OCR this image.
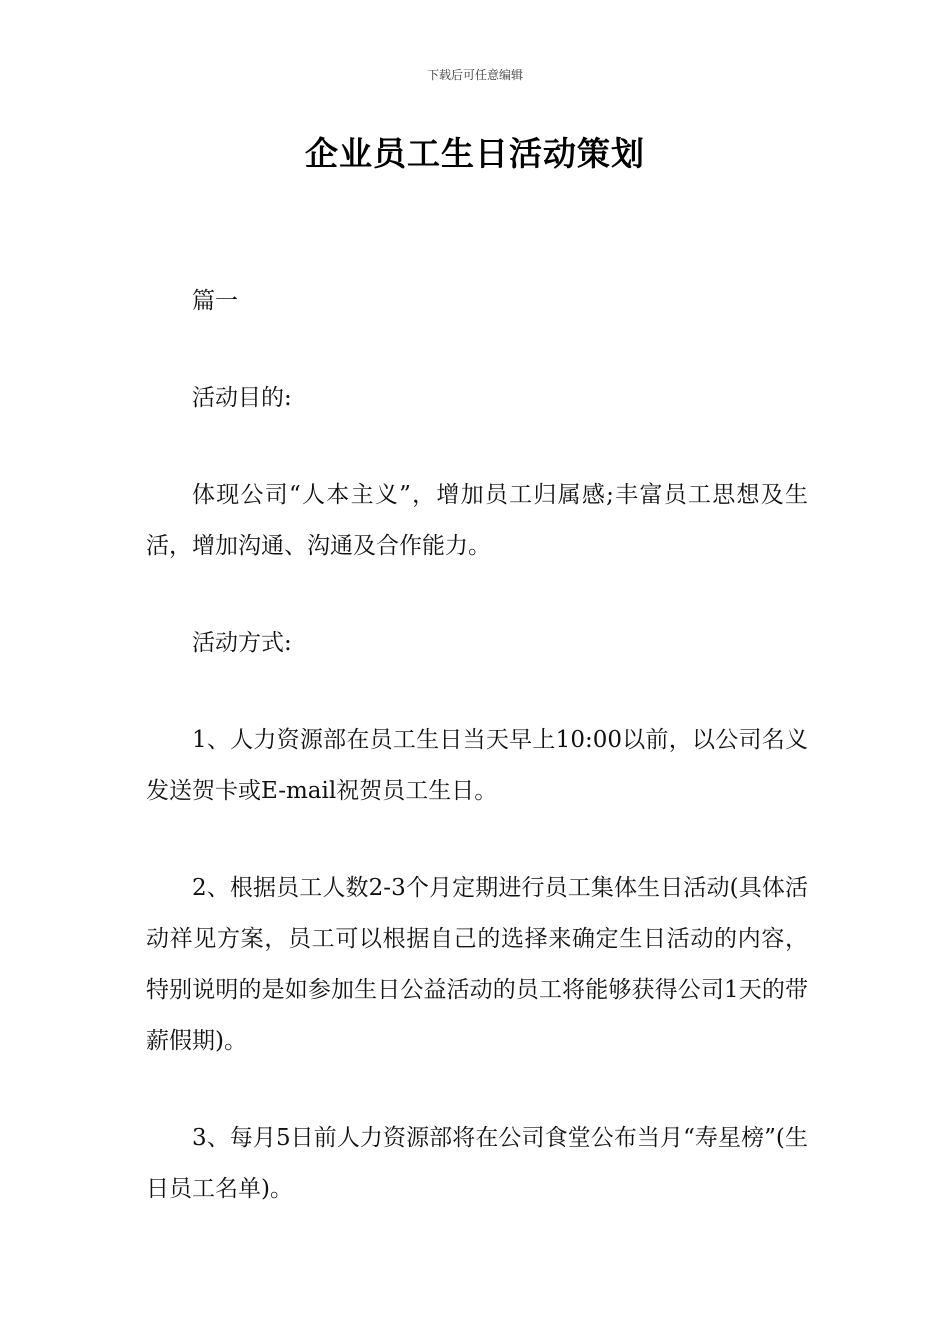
下载后可任意编辑
企业员工生日活动策划

篇一

活动目的:

体现公司“人本主义”，增加员工归属感;丰富员工思想及生活，增加沟通、沟通及合作能力。

活动方式:

1、人力资源部在员工生日当天早上10:00以前，以公司名义发送贺卡或E-mail祝贺员工生日。

2、根据员工人数2-3个月定期进行员工集体生日活动(具体活动祥见方案，员工可以根据自己的选择来确定生日活动的内容，特别说明的是如参加生日公益活动的员工将能够获得公司1天的带薪假期)。

3、每月5日前人力资源部将在公司食堂公布当月“寿星榜”(生日员工名单)。
